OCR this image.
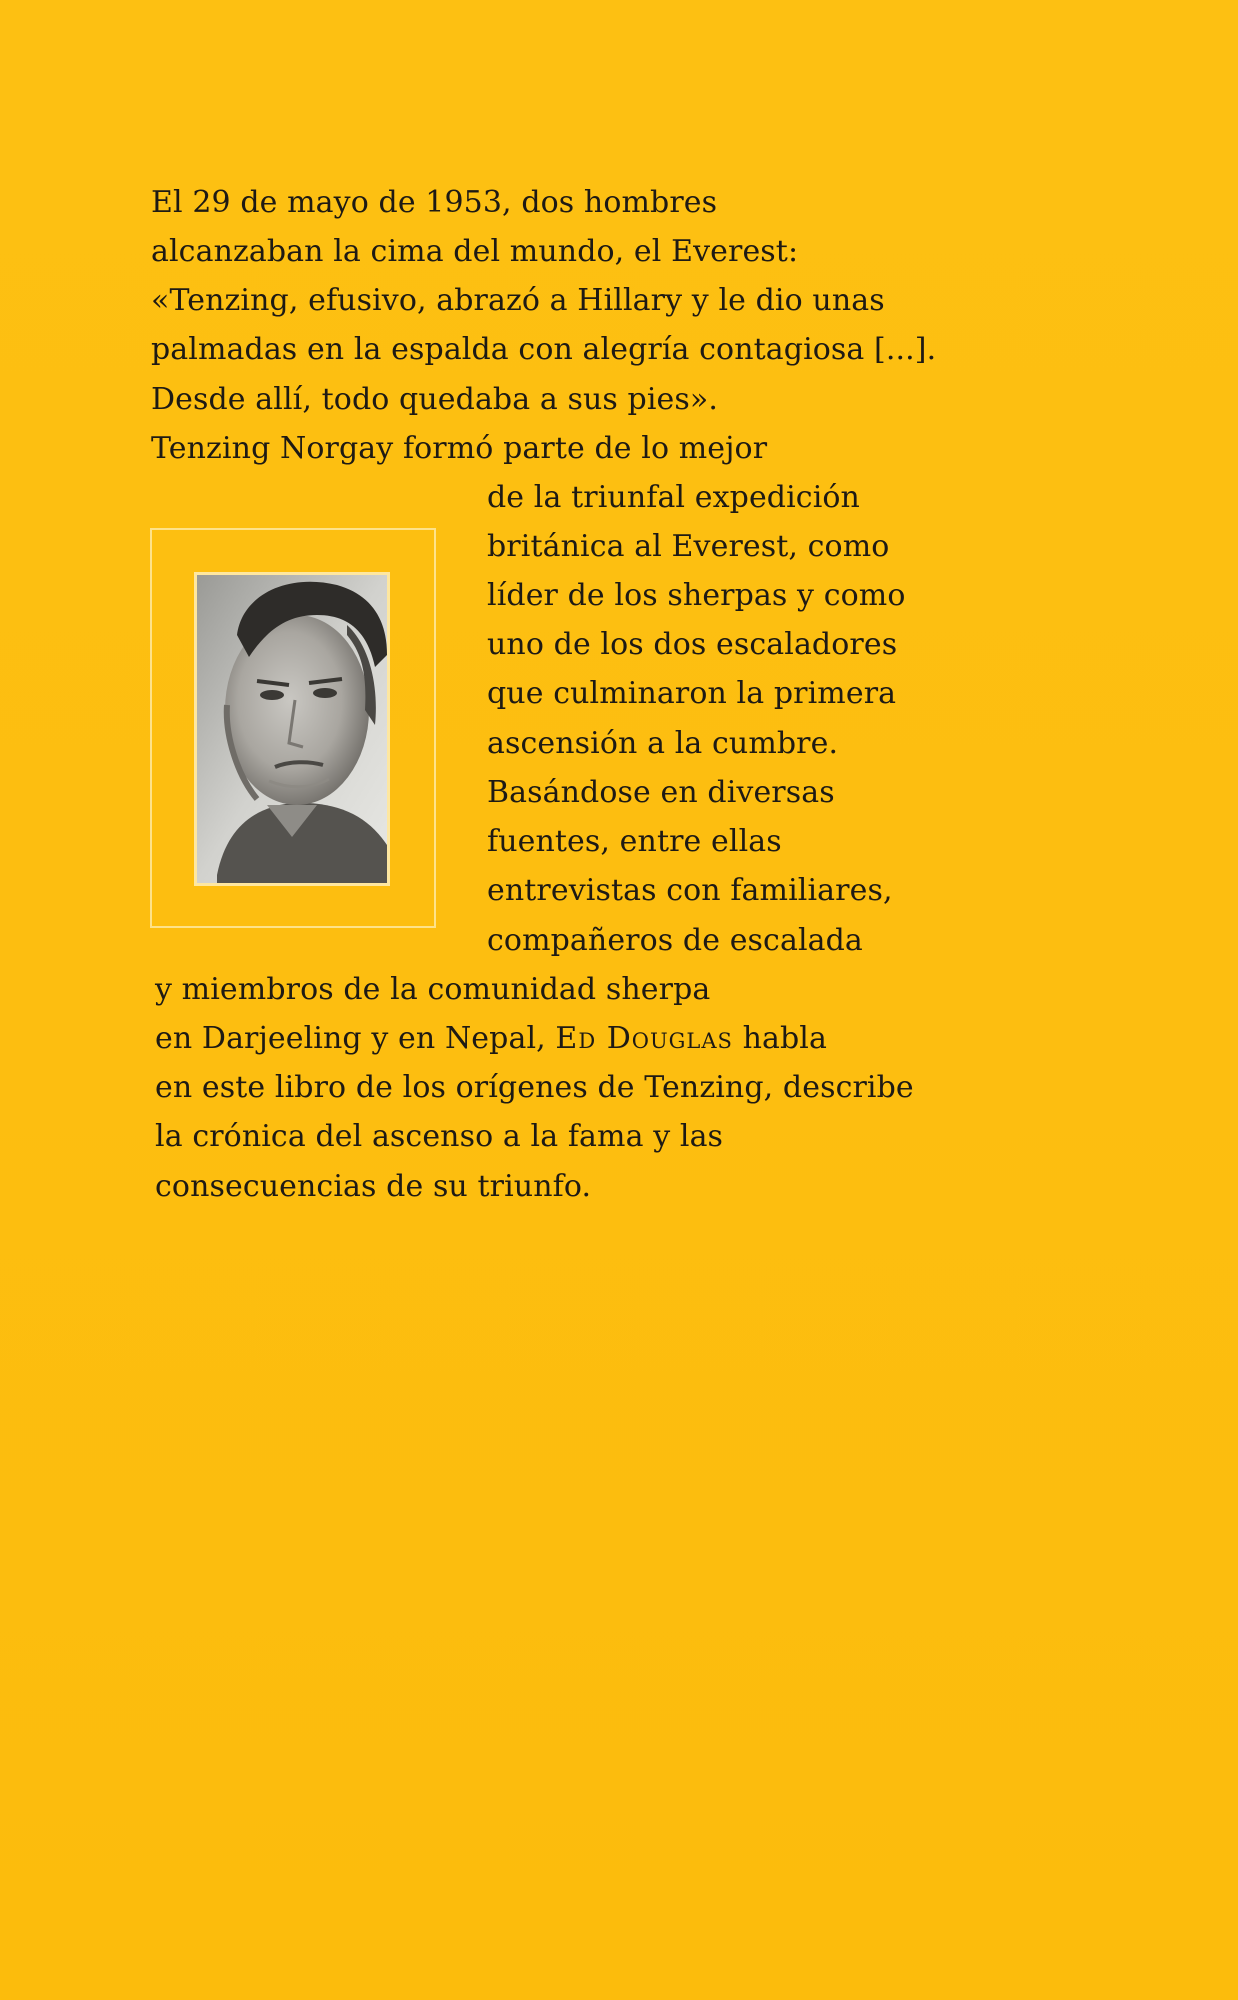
El 29 de mayo de 1953, dos hombres
alcanzaban la cima del mundo, el Everest:
«Tenzing, efusivo, abrazó a Hillary y le dio unas
palmadas en la espalda con alegría contagiosa [...].
Desde allí, todo quedaba a sus pies».
Tenzing Norgay formó parte de lo mejor
de la triunfal expedición
británica al Everest, como
líder de los sherpas y como
uno de los dos escaladores
que culminaron la primera
ascensión a la cumbre.
Basándose en diversas
fuentes, entre ellas
entrevistas con familiares,
compañeros de escalada
y miembros de la comunidad sherpa
en Darjeeling y en Nepal, Ed Douglas habla
en este libro de los orígenes de Tenzing, describe
la crónica del ascenso a la fama y las
consecuencias de su triunfo.
